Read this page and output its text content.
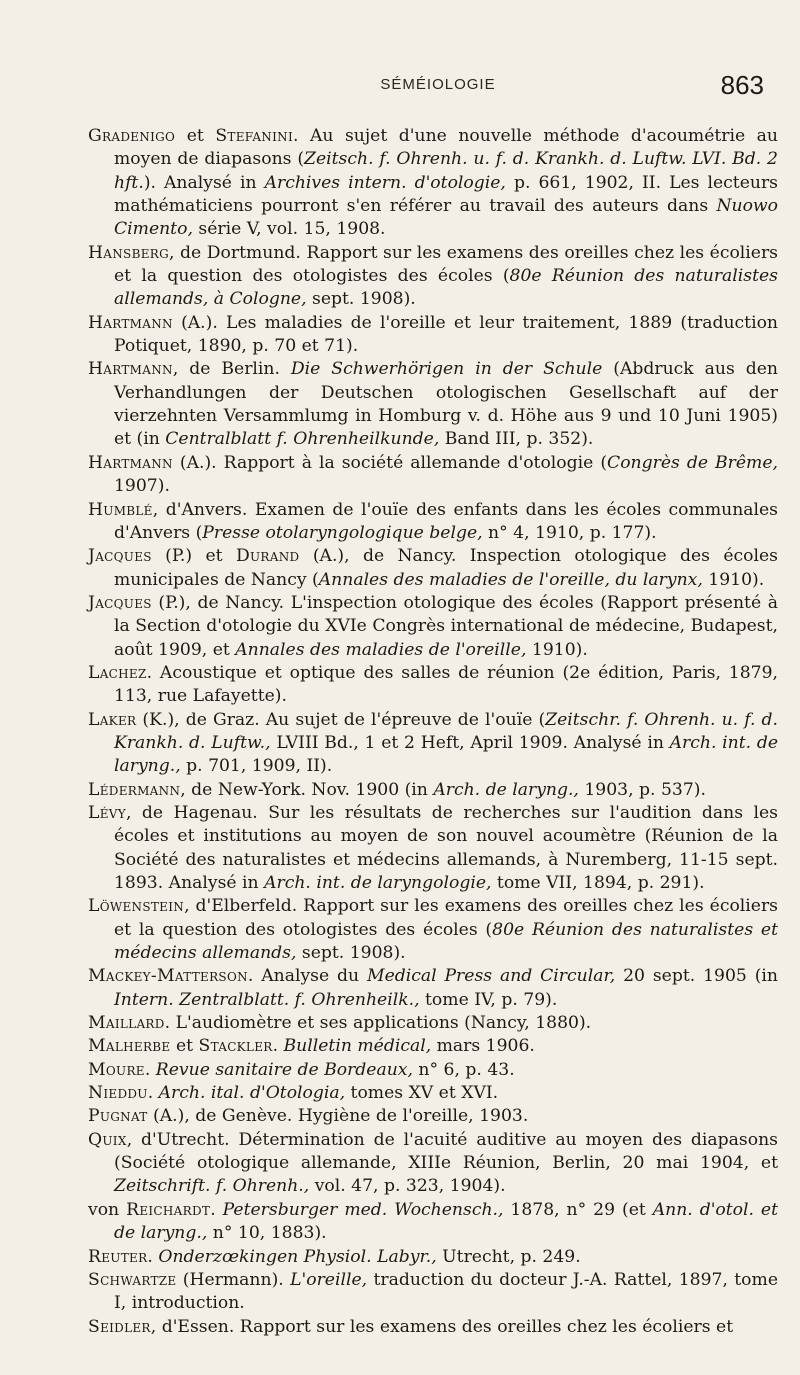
SÉMÉIOLOGIE	863

Gradenigo et Stefanini. Au sujet d'une nouvelle méthode d'acoumétrie au moyen de diapasons (Zeitsch. f. Ohrenh. u. f. d. Krankh. d. Luftw. LVI. Bd. 2 hft.). Analysé in Archives intern. d'otologie, p. 661, 1902, II. Les lecteurs mathématiciens pourront s'en référer au travail des auteurs dans Nuowo Cimento, série V, vol. 15, 1908.

Hansberg, de Dortmund. Rapport sur les examens des oreilles chez les écoliers et la question des otologistes des écoles (80e Réunion des naturalistes allemands, à Cologne, sept. 1908).

Hartmann (A.). Les maladies de l'oreille et leur traitement, 1889 (traduction Potiquet, 1890, p. 70 et 71).

Hartmann, de Berlin. Die Schwerhörigen in der Schule (Abdruck aus den Verhandlungen der Deutschen otologischen Gesellschaft auf der vierzehnten Versammlumg in Homburg v. d. Höhe aus 9 und 10 Juni 1905) et (in Centralblatt f. Ohrenheilkunde, Band III, p. 352).

Hartmann (A.). Rapport à la société allemande d'otologie (Congrès de Brême, 1907).

Humblé, d'Anvers. Examen de l'ouïe des enfants dans les écoles communales d'Anvers (Presse otolaryngologique belge, n° 4, 1910, p. 177).

Jacques (P.) et Durand (A.), de Nancy. Inspection otologique des écoles municipales de Nancy (Annales des maladies de l'oreille, du larynx, 1910).

Jacques (P.), de Nancy. L'inspection otologique des écoles (Rapport présenté à la Section d'otologie du XVIe Congrès international de médecine, Budapest, août 1909, et Annales des maladies de l'oreille, 1910).

Lachez. Acoustique et optique des salles de réunion (2e édition, Paris, 1879, 113, rue Lafayette).

Laker (K.), de Graz. Au sujet de l'épreuve de l'ouïe (Zeitschr. f. Ohrenh. u. f. d. Krankh. d. Luftw., LVIII Bd., 1 et 2 Heft, April 1909. Analysé in Arch. int. de laryng., p. 701, 1909, II).

Lédermann, de New-York. Nov. 1900 (in Arch. de laryng., 1903, p. 537).

Lévy, de Hagenau. Sur les résultats de recherches sur l'audition dans les écoles et institutions au moyen de son nouvel acoumètre (Réunion de la Société des naturalistes et médecins allemands, à Nuremberg, 11-15 sept. 1893. Analysé in Arch. int. de laryngologie, tome VII, 1894, p. 291).

Löwenstein, d'Elberfeld. Rapport sur les examens des oreilles chez les écoliers et la question des otologistes des écoles (80e Réunion des naturalistes et médecins allemands, sept. 1908).

Mackey-Matterson. Analyse du Medical Press and Circular, 20 sept. 1905 (in Intern. Zentralblatt. f. Ohrenheilk., tome IV, p. 79).

Maillard. L'audiomètre et ses applications (Nancy, 1880).

Malherbe et Stackler. Bulletin médical, mars 1906.

Moure. Revue sanitaire de Bordeaux, n° 6, p. 43.

Nieddu. Arch. ital. d'Otologia, tomes XV et XVI.

Pugnat (A.), de Genève. Hygiène de l'oreille, 1903.

Quix, d'Utrecht. Détermination de l'acuité auditive au moyen des diapasons (Société otologique allemande, XIIIe Réunion, Berlin, 20 mai 1904, et Zeitschrift. f. Ohrenh., vol. 47, p. 323, 1904).

von Reichardt. Petersburger med. Wochensch., 1878, n° 29 (et Ann. d'otol. et de laryng., n° 10, 1883).

Reuter. Onderzœkingen Physiol. Labyr., Utrecht, p. 249.

Schwartze (Hermann). L'oreille, traduction du docteur J.-A. Rattel, 1897, tome I, introduction.

Seidler, d'Essen. Rapport sur les examens des oreilles chez les écoliers et
